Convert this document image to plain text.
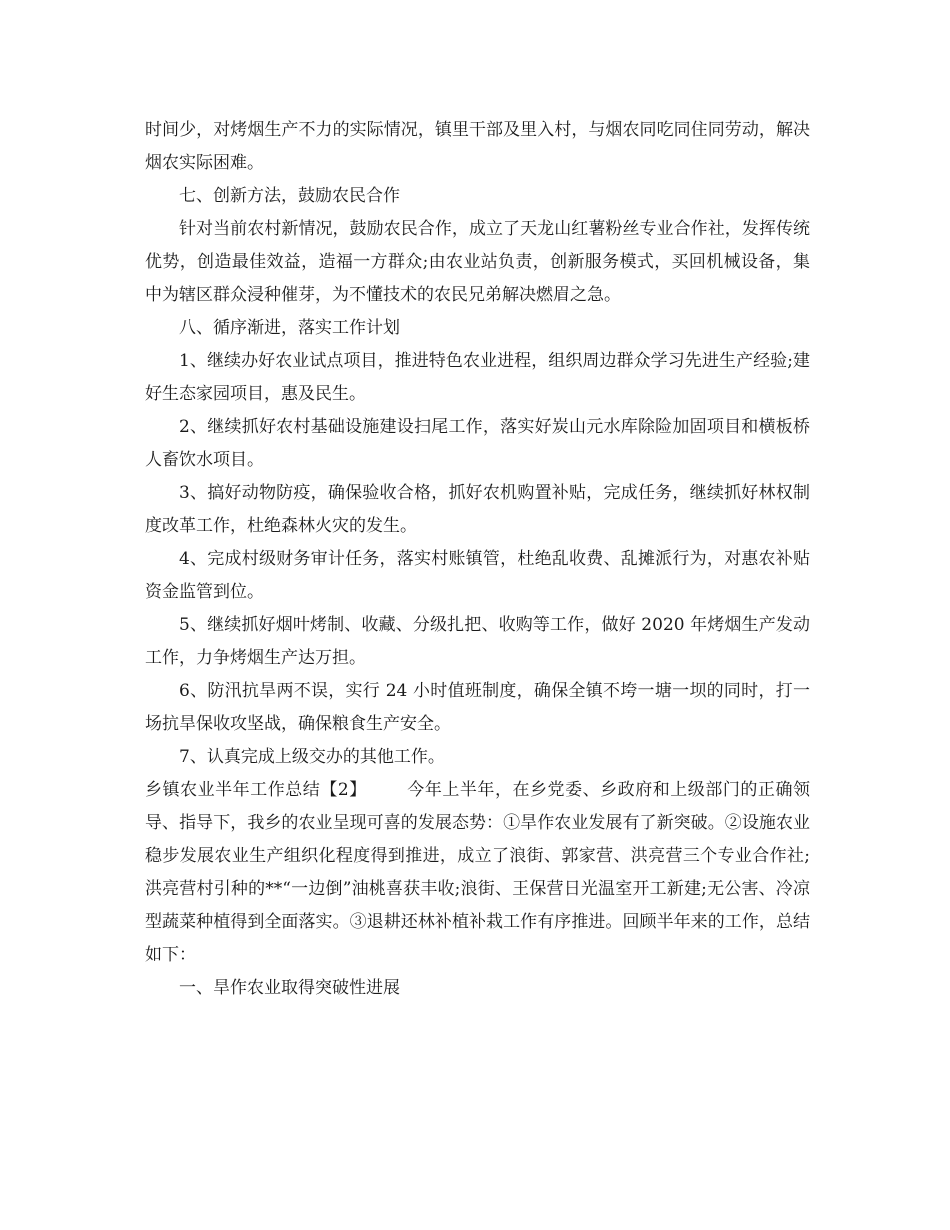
时间少，对烤烟生产不力的实际情况，镇里干部及里入村，与烟农同吃同住同劳动，解决烟农实际困难。

七、创新方法，鼓励农民合作

针对当前农村新情况，鼓励农民合作，成立了天龙山红薯粉丝专业合作社，发挥传统优势，创造最佳效益，造福一方群众;由农业站负责，创新服务模式，买回机械设备，集中为辖区群众浸种催芽，为不懂技术的农民兄弟解决燃眉之急。

八、循序渐进，落实工作计划

1、继续办好农业试点项目，推进特色农业进程，组织周边群众学习先进生产经验;建好生态家园项目，惠及民生。

2、继续抓好农村基础设施建设扫尾工作，落实好炭山元水库除险加固项目和横板桥人畜饮水项目。

3、搞好动物防疫，确保验收合格，抓好农机购置补贴，完成任务，继续抓好林权制度改革工作，杜绝森林火灾的发生。

4、完成村级财务审计任务，落实村账镇管，杜绝乱收费、乱摊派行为，对惠农补贴资金监管到位。

5、继续抓好烟叶烤制、收藏、分级扎把、收购等工作，做好 2020 年烤烟生产发动工作，力争烤烟生产达万担。

6、防汛抗旱两不误，实行 24 小时值班制度，确保全镇不垮一塘一坝的同时，打一场抗旱保收攻坚战，确保粮食生产安全。

7、认真完成上级交办的其他工作。

乡镇农业半年工作总结【2】 今年上半年，在乡党委、乡政府和上级部门的正确领导、指导下，我乡的农业呈现可喜的发展态势：①旱作农业发展有了新突破。②设施农业稳步发展农业生产组织化程度得到推进，成立了浪街、郭家营、洪亮营三个专业合作社;洪亮营村引种的**“一边倒”油桃喜获丰收;浪街、王保营日光温室开工新建;无公害、冷凉型蔬菜种植得到全面落实。③退耕还林补植补栽工作有序推进。回顾半年来的工作，总结如下：

一、旱作农业取得突破性进展
